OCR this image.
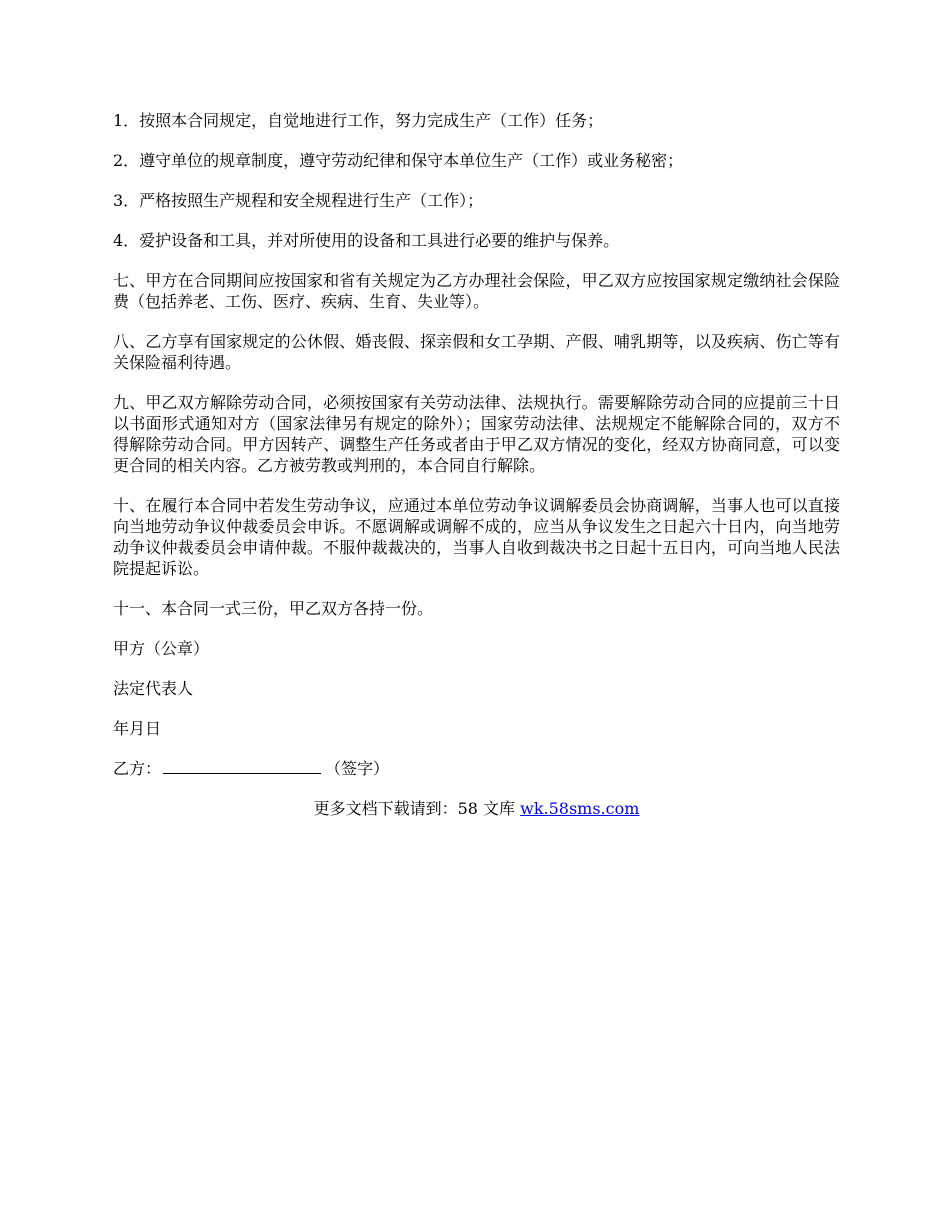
1．按照本合同规定，自觉地进行工作，努力完成生产（工作）任务；

2．遵守单位的规章制度，遵守劳动纪律和保守本单位生产（工作）或业务秘密；

3．严格按照生产规程和安全规程进行生产（工作）；

4．爱护设备和工具，并对所使用的设备和工具进行必要的维护与保养。

七、甲方在合同期间应按国家和省有关规定为乙方办理社会保险，甲乙双方应按国家规定缴纳社会保险费（包括养老、工伤、医疗、疾病、生育、失业等）。

八、乙方享有国家规定的公休假、婚丧假、探亲假和女工孕期、产假、哺乳期等，以及疾病、伤亡等有关保险福利待遇。

九、甲乙双方解除劳动合同，必须按国家有关劳动法律、法规执行。需要解除劳动合同的应提前三十日以书面形式通知对方（国家法律另有规定的除外）；国家劳动法律、法规规定不能解除合同的，双方不得解除劳动合同。甲方因转产、调整生产任务或者由于甲乙双方情况的变化，经双方协商同意，可以变更合同的相关内容。乙方被劳教或判刑的，本合同自行解除。

十、在履行本合同中若发生劳动争议，应通过本单位劳动争议调解委员会协商调解，当事人也可以直接向当地劳动争议仲裁委员会申诉。不愿调解或调解不成的，应当从争议发生之日起六十日内，向当地劳动争议仲裁委员会申请仲裁。不服仲裁裁决的，当事人自收到裁决书之日起十五日内，可向当地人民法院提起诉讼。

十一、本合同一式三份，甲乙双方各持一份。

甲方（公章）

法定代表人

年月日

乙方：	（签字）

更多文档下载请到：58 文库 wk.58sms.com
